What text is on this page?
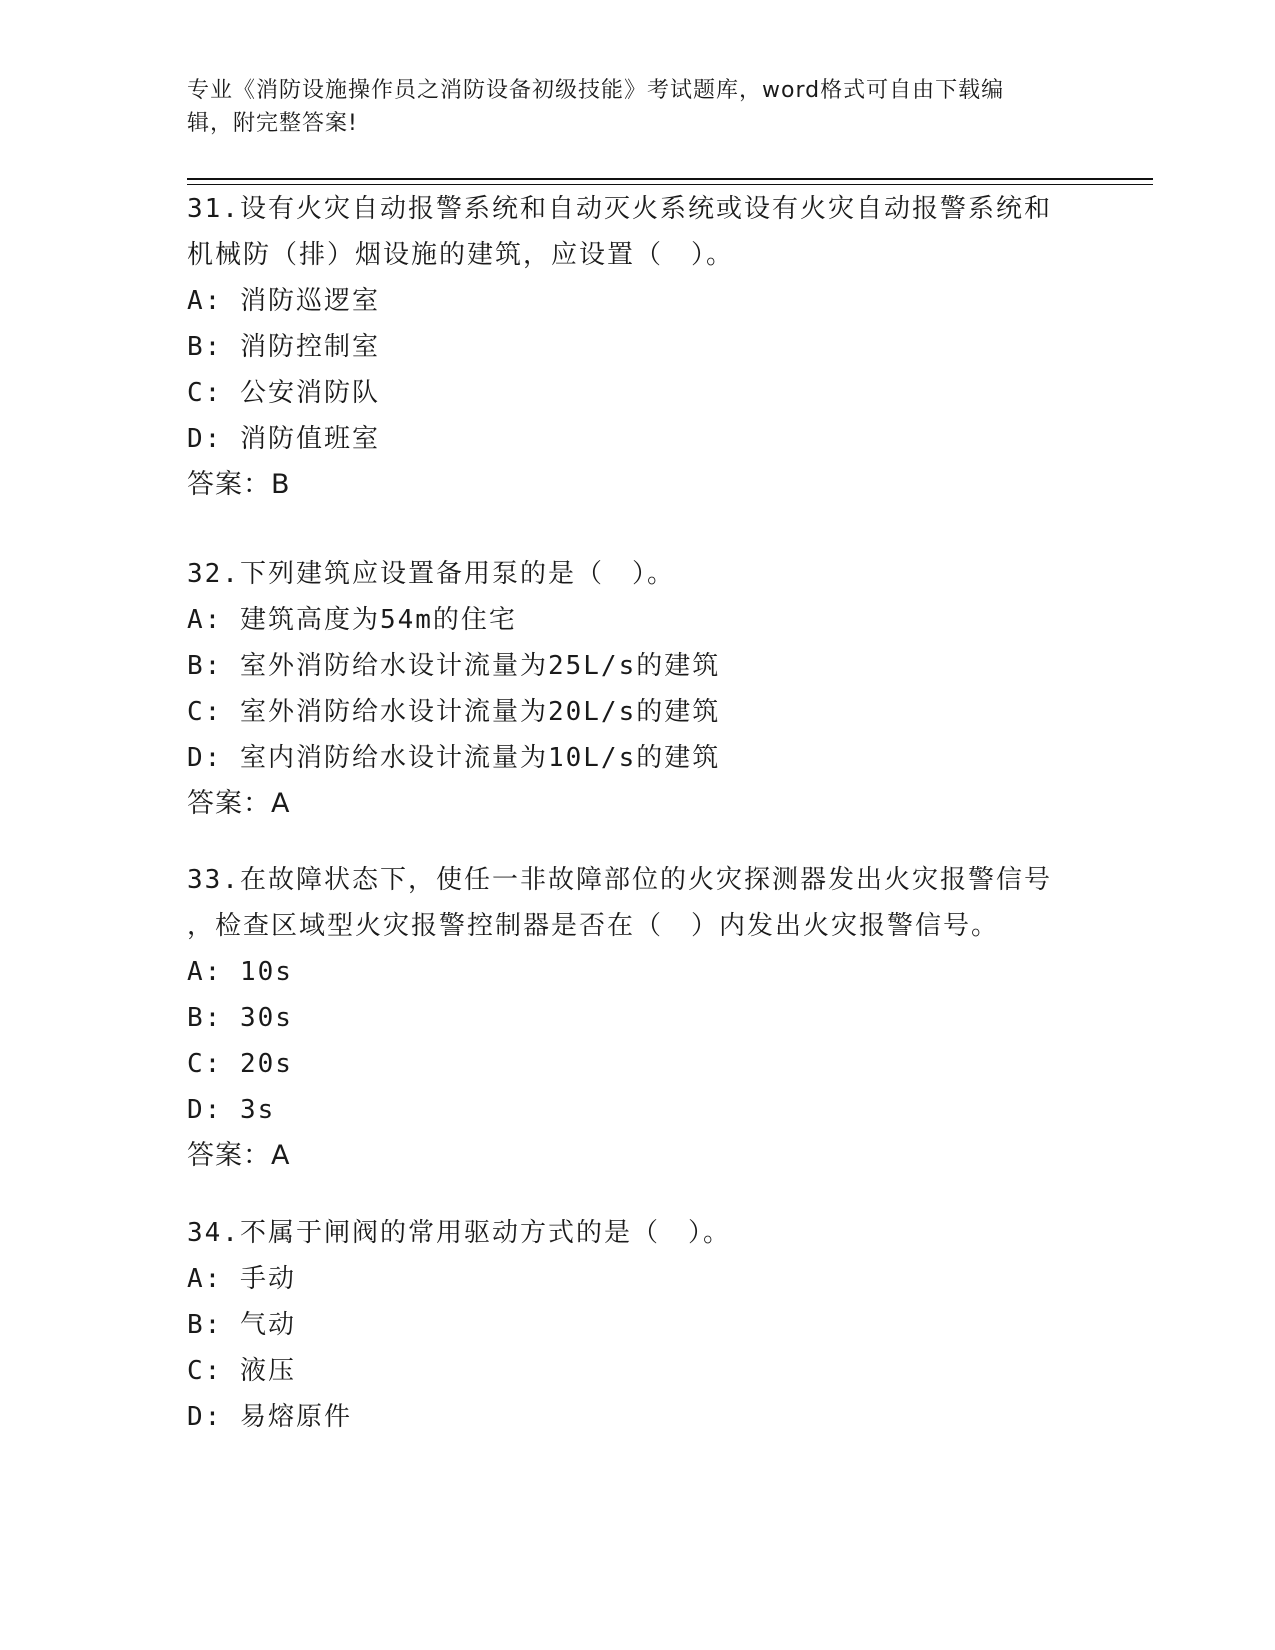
专业《消防设施操作员之消防设备初级技能》考试题库，word格式可自由下载编
辑，附完整答案!
31.设有火灾自动报警系统和自动灭火系统或设有火灾自动报警系统和
机械防（排）烟设施的建筑，应设置（　）。
A: 消防巡逻室
B: 消防控制室
C: 公安消防队
D: 消防值班室
答案：B
32.下列建筑应设置备用泵的是（　）。
A: 建筑高度为54m的住宅
B: 室外消防给水设计流量为25L/s的建筑
C: 室外消防给水设计流量为20L/s的建筑
D: 室内消防给水设计流量为10L/s的建筑
答案：A
33.在故障状态下，使任一非故障部位的火灾探测器发出火灾报警信号
，检查区域型火灾报警控制器是否在（　）内发出火灾报警信号。
A: 10s
B: 30s
C: 20s
D: 3s
答案：A
34.不属于闸阀的常用驱动方式的是（　）。
A: 手动
B: 气动
C: 液压
D: 易熔原件
